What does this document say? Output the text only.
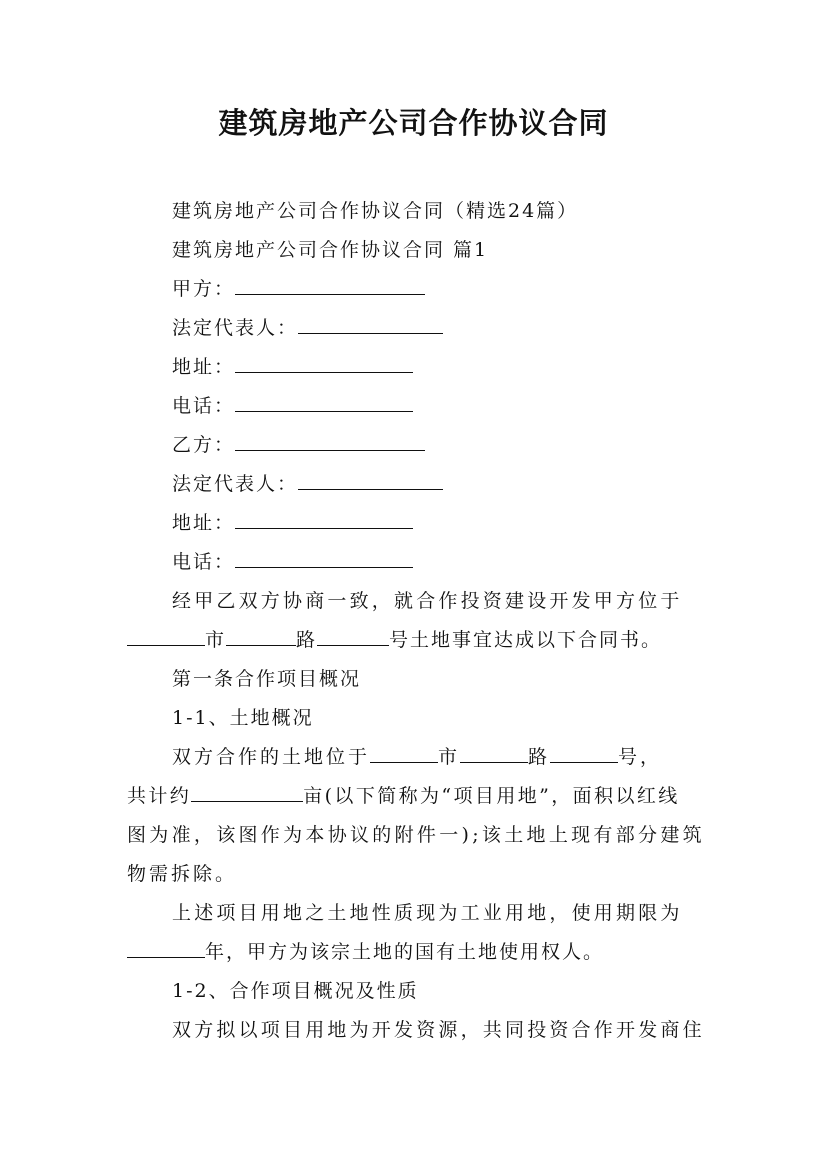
建筑房地产公司合作协议合同
建筑房地产公司合作协议合同（精选24篇）
建筑房地产公司合作协议合同 篇1
甲方：
法定代表人：
地址：
电话：
乙方：
法定代表人：
地址：
电话：
经甲乙双方协商一致，就合作投资建设开发甲方位于
市	路	号土地事宜达成以下合同书。
第一条合作项目概况
1-1、土地概况
双方合作的土地位于	市	路	号，
共计约	亩(以下简称为“项目用地”，面积以红线
图为准，该图作为本协议的附件一);该土地上现有部分建筑
物需拆除。
上述项目用地之土地性质现为工业用地，使用期限为
年，甲方为该宗土地的国有土地使用权人。
1-2、合作项目概况及性质
双方拟以项目用地为开发资源，共同投资合作开发商住
